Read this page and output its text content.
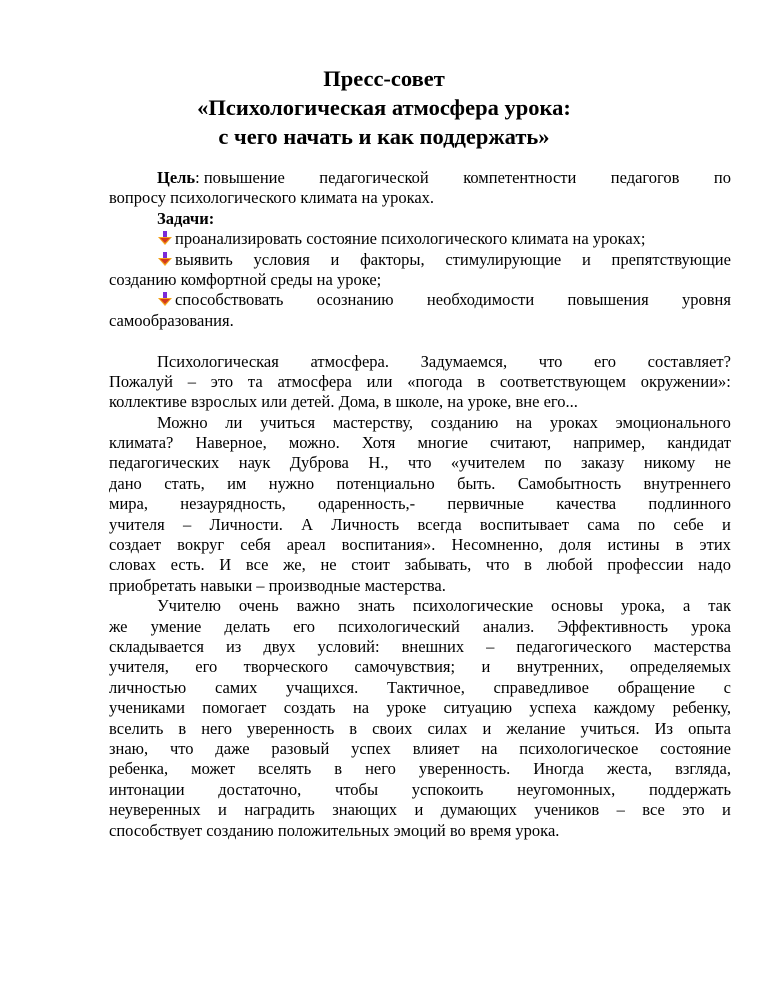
Пресс-совет
«Психологическая атмосфера урока:
с чего начать и как поддержать»
Цель: повышение педагогической компетентности педагогов по
вопросу психологического климата на уроках.
Задачи:
проанализировать состояние психологического климата на уроках;
выявить условия и факторы, стимулирующие и препятствующие
созданию комфортной среды на уроке;
способствовать осознанию необходимости повышения уровня
самообразования.
Психологическая атмосфера. Задумаемся, что его составляет?
Пожалуй – это та атмосфера или «погода в соответствующем окружении»:
коллективе взрослых или детей. Дома, в школе, на уроке, вне его...
Можно ли учиться мастерству, созданию на уроках эмоционального
климата? Наверное, можно. Хотя многие считают, например, кандидат
педагогических наук Дуброва Н., что «учителем по заказу никому не
дано стать, им нужно потенциально быть. Самобытность внутреннего
мира, незаурядность, одаренность,- первичные качества подлинного
учителя – Личности. А Личность всегда воспитывает сама по себе и
создает вокруг себя ареал воспитания». Несомненно, доля истины в этих
словах есть. И все же, не стоит забывать, что в любой профессии надо
приобретать навыки – производные мастерства.
Учителю очень важно знать психологические основы урока, а так
же умение делать его психологический анализ. Эффективность урока
складывается из двух условий: внешних – педагогического мастерства
учителя, его творческого самочувствия; и внутренних, определяемых
личностью самих учащихся. Тактичное, справедливое обращение с
учениками помогает создать на уроке ситуацию успеха каждому ребенку,
вселить в него уверенность в своих силах и желание учиться. Из опыта
знаю, что даже разовый успех влияет на психологическое состояние
ребенка, может вселять в него уверенность. Иногда жеста, взгляда,
интонации достаточно, чтобы успокоить неугомонных, поддержать
неуверенных и наградить знающих и думающих учеников – все это и
способствует созданию положительных эмоций во время урока.
